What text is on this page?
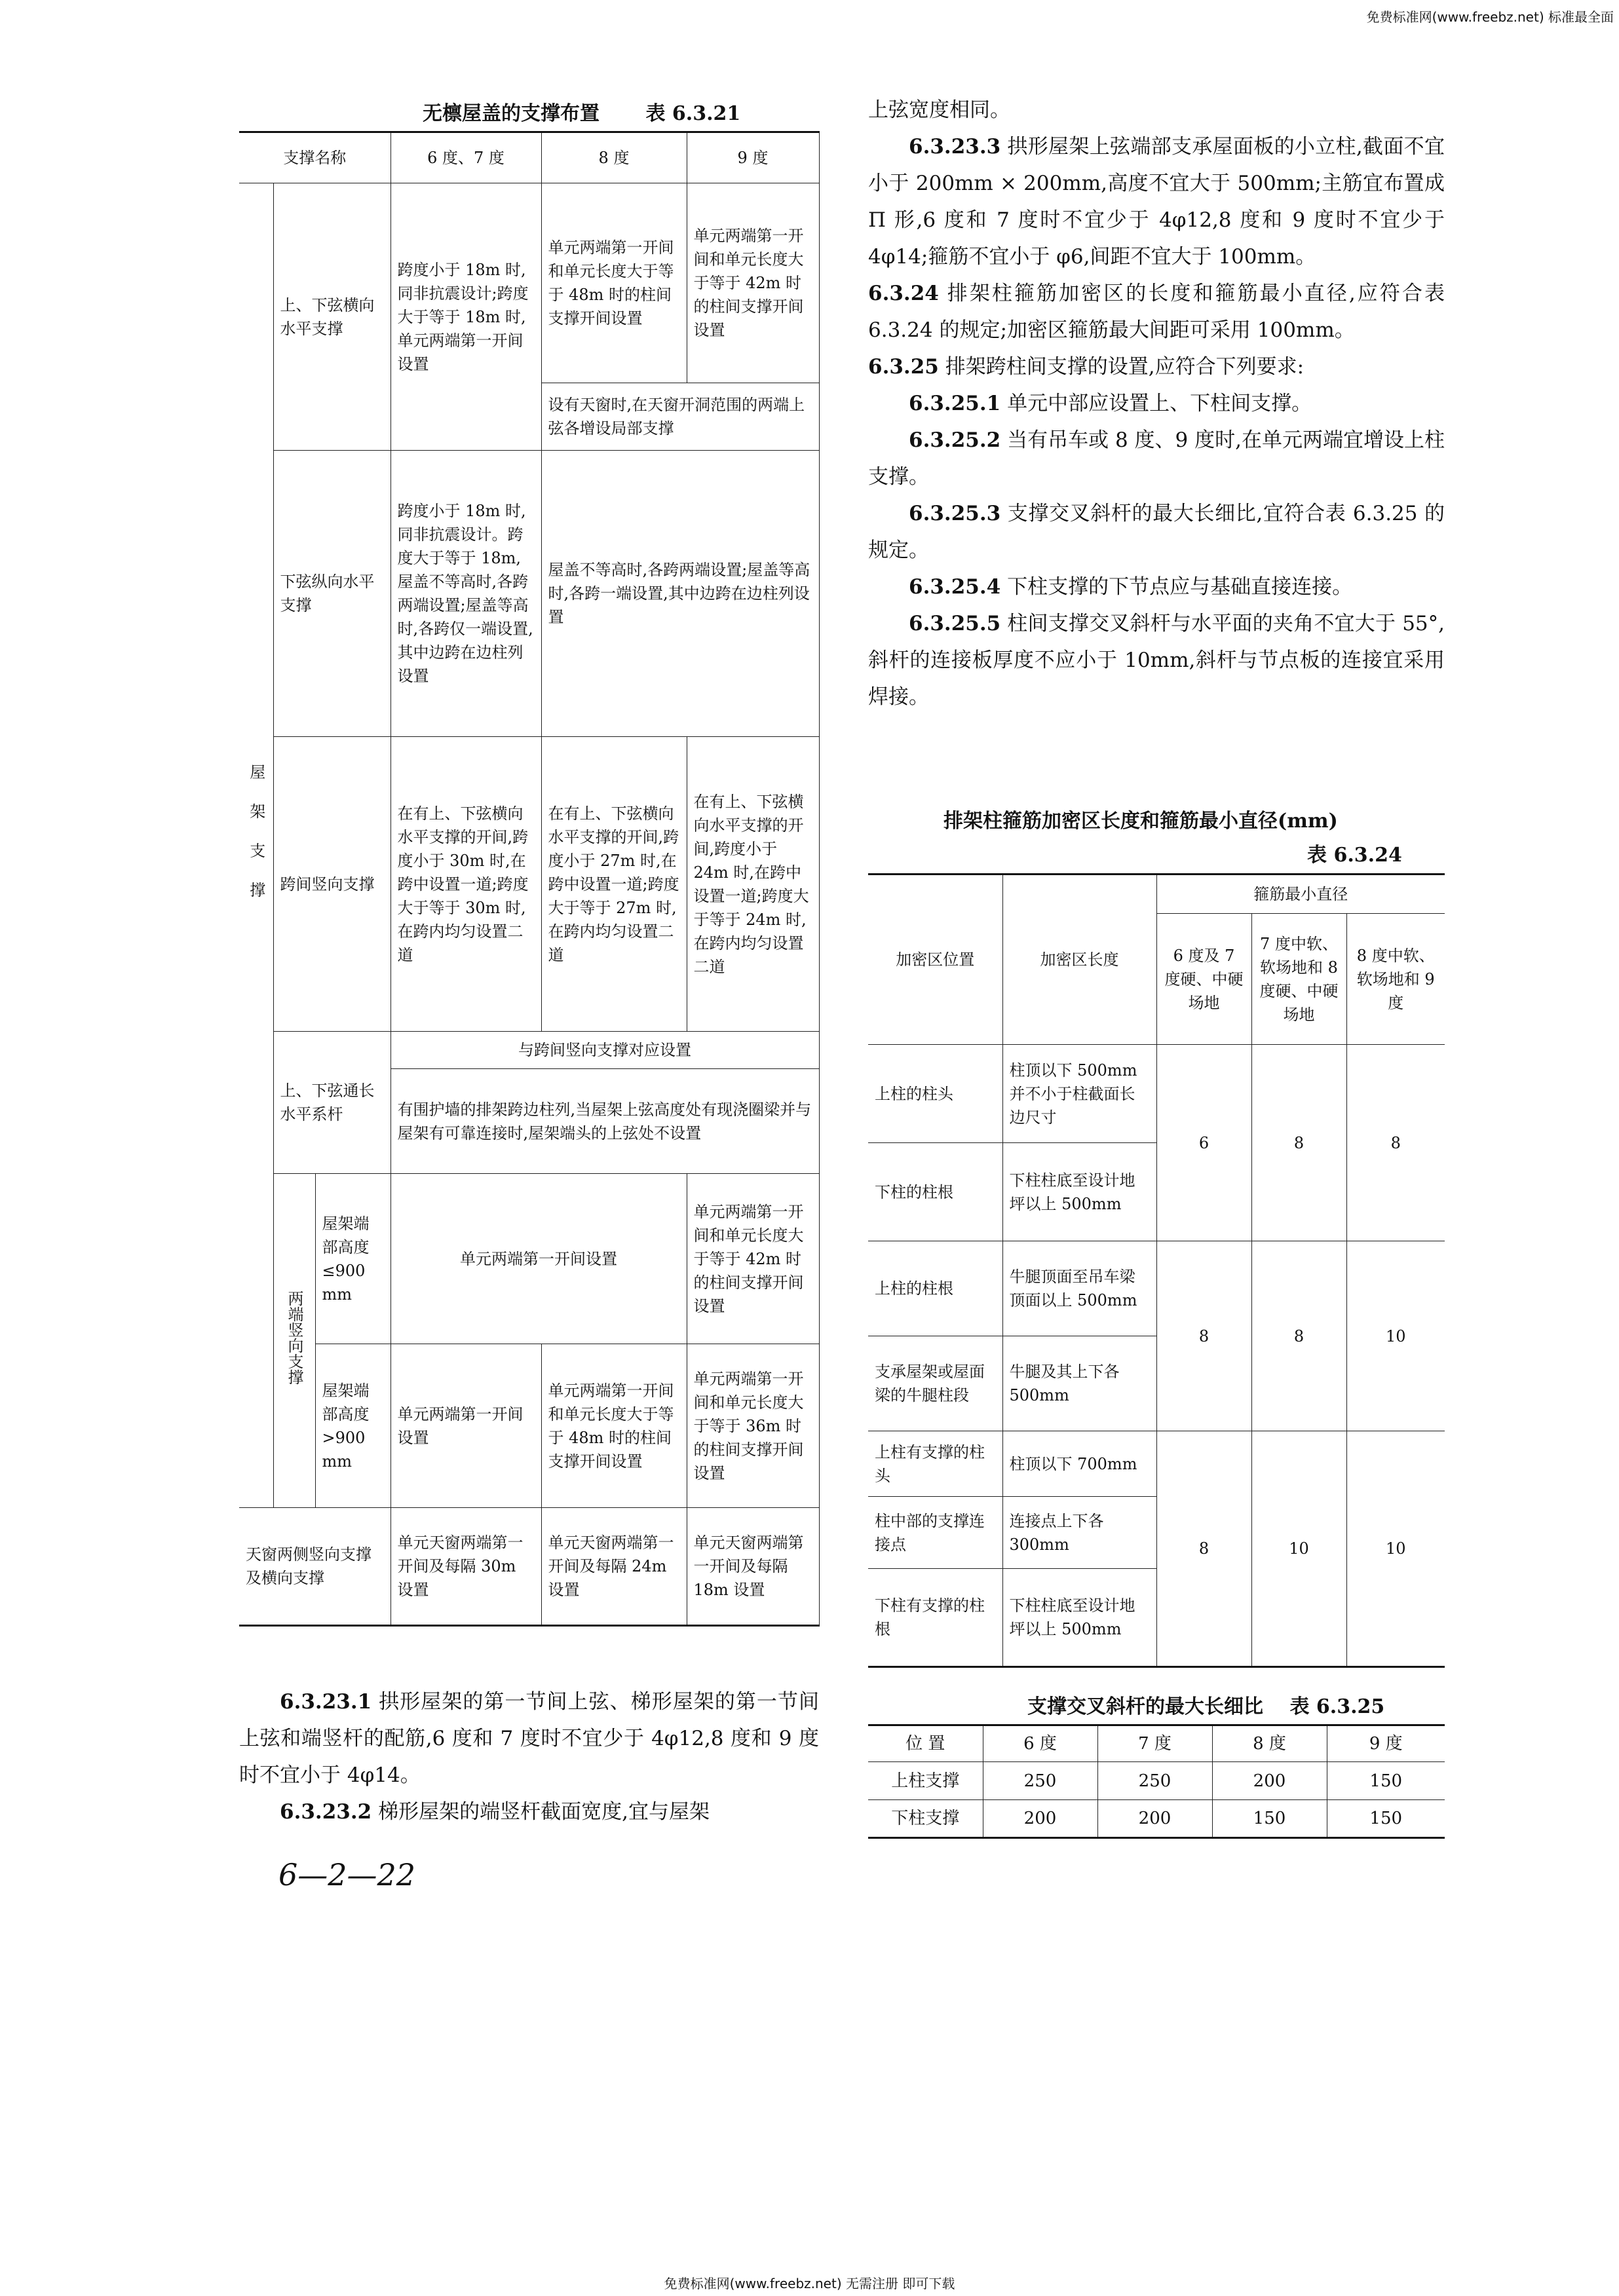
免费标准网(www.freebz.net) 标准最全面
无檩屋盖的支撑布置 表 6.3.21
支撑名称			6 度、7 度	8 度	9 度
屋架支撑	上、下弦横向水平支撑		跨度小于 18m 时,同非抗震设计;跨度大于等于 18m 时,单元两端第一开间设置	单元两端第一开间和单元长度大于等于 48m 时的柱间支撑开间设置	单元两端第一开间和单元长度大于等于 42m 时的柱间支撑开间设置
				设有天窗时,在天窗开洞范围的两端上弦各增设局部支撑	
	下弦纵向水平支撑		跨度小于 18m 时,同非抗震设计。跨度大于等于 18m,屋盖不等高时,各跨两端设置;屋盖等高时,各跨仅一端设置,其中边跨在边柱列设置	屋盖不等高时,各跨两端设置;屋盖等高时,各跨一端设置,其中边跨在边柱列设置	
	跨间竖向支撑		在有上、下弦横向水平支撑的开间,跨度小于 30m 时,在跨中设置一道;跨度大于等于 30m 时,在跨内均匀设置二道	在有上、下弦横向水平支撑的开间,跨度小于 27m 时,在跨中设置一道;跨度大于等于 27m 时,在跨内均匀设置二道	在有上、下弦横向水平支撑的开间,跨度小于 24m 时,在跨中设置一道;跨度大于等于 24m 时,在跨内均匀设置二道
	上、下弦通长水平系杆		与跨间竖向支撑对应设置		
			有围护墙的排架跨边柱列,当屋架上弦高度处有现浇圈梁并与屋架有可靠连接时,屋架端头的上弦处不设置		
	两端竖向支撑	屋架端部高度≤900 mm	单元两端第一开间设置		单元两端第一开间和单元长度大于等于 42m 时的柱间支撑开间设置
		屋架端部高度>900 mm	单元两端第一开间设置	单元两端第一开间和单元长度大于等于 48m 时的柱间支撑开间设置	单元两端第一开间和单元长度大于等于 36m 时的柱间支撑开间设置
天窗两侧竖向支撑及横向支撑			单元天窗两端第一开间及每隔 30m 设置	单元天窗两端第一开间及每隔 24m 设置	单元天窗两端第一开间及每隔 18m 设置

6.3.23.1 拱形屋架的第一节间上弦、梯形屋架的第一节间上弦和端竖杆的配筋,6 度和 7 度时不宜少于 4φ12,8 度和 9 度时不宜小于 4φ14。

6.3.23.2 梯形屋架的端竖杆截面宽度,宜与屋架

6—2—22

上弦宽度相同。

6.3.23.3 拱形屋架上弦端部支承屋面板的小立柱,截面不宜小于 200mm × 200mm,高度不宜大于 500mm;主筋宜布置成 Π 形,6 度和 7 度时不宜少于 4φ12,8 度和 9 度时不宜少于 4φ14;箍筋不宜小于 φ6,间距不宜大于 100mm。

6.3.24 排架柱箍筋加密区的长度和箍筋最小直径,应符合表 6.3.24 的规定;加密区箍筋最大间距可采用 100mm。

6.3.25 排架跨柱间支撑的设置,应符合下列要求:

6.3.25.1 单元中部应设置上、下柱间支撑。

6.3.25.2 当有吊车或 8 度、9 度时,在单元两端宜增设上柱支撑。

6.3.25.3 支撑交叉斜杆的最大长细比,宜符合表 6.3.25 的规定。

6.3.25.4 下柱支撑的下节点应与基础直接连接。

6.3.25.5 柱间支撑交叉斜杆与水平面的夹角不宜大于 55°,斜杆的连接板厚度不应小于 10mm,斜杆与节点板的连接宜采用焊接。

排架柱箍筋加密区长度和箍筋最小直径(mm)
表 6.3.24
加密区位置	加密区长度	箍筋最小直径		
		6 度及 7 度硬、中硬场地	7 度中软、软场地和 8 度硬、中硬场地	8 度中软、软场地和 9 度
上柱的柱头	柱顶以下 500mm 并不小于柱截面长边尺寸	6	8	8
下柱的柱根	下柱柱底至设计地坪以上 500mm			
上柱的柱根	牛腿顶面至吊车梁顶面以上 500mm	8	8	10
支承屋架或屋面梁的牛腿柱段	牛腿及其上下各 500mm			
上柱有支撑的柱头	柱顶以下 700mm	8	10	10
柱中部的支撑连接点	连接点上下各 300mm			
下柱有支撑的柱根	下柱柱底至设计地坪以上 500mm			
支撑交叉斜杆的最大长细比 表 6.3.25
位 置	6 度	7 度	8 度	9 度
上柱支撑	250	250	200	150
下柱支撑	200	200	150	150
免费标准网(www.freebz.net) 无需注册 即可下载
